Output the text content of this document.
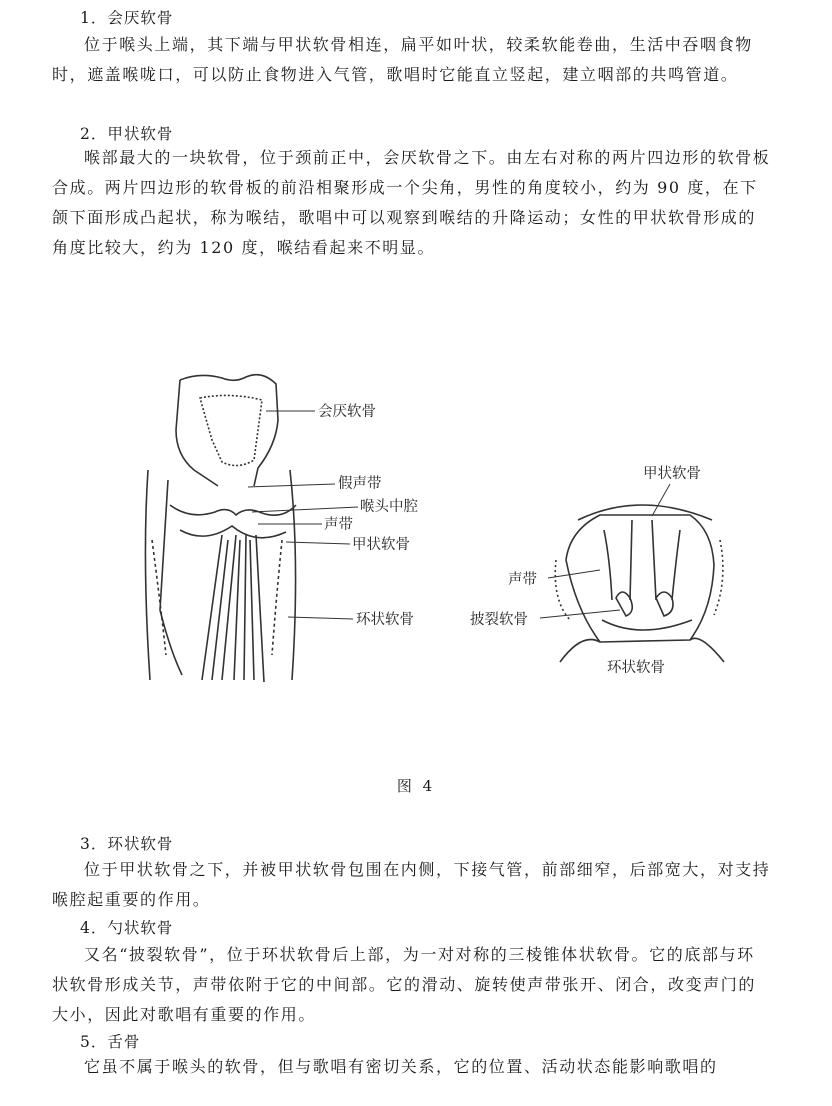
1．会厌软骨
位于喉头上端，其下端与甲状软骨相连，扁平如叶状，较柔软能卷曲，生活中吞咽食物时，遮盖喉咙口，可以防止食物进入气管，歌唱时它能直立竖起，建立咽部的共鸣管道。
2．甲状软骨
喉部最大的一块软骨，位于颈前正中，会厌软骨之下。由左右对称的两片四边形的软骨板合成。两片四边形的软骨板的前沿相聚形成一个尖角，男性的角度较小，约为 90 度，在下颌下面形成凸起状，称为喉结，歌唱中可以观察到喉结的升降运动；女性的甲状软骨形成的角度比较大，约为 120 度，喉结看起来不明显。
会厌软骨
假声带
喉头中腔
声带
甲状软骨
环状软骨
甲状软骨
声带
披裂软骨
环状软骨
图 4
3．环状软骨
位于甲状软骨之下，并被甲状软骨包围在内侧，下接气管，前部细窄，后部宽大，对支持喉腔起重要的作用。
4．勺状软骨
又名“披裂软骨”，位于环状软骨后上部，为一对对称的三棱锥体状软骨。它的底部与环状软骨形成关节，声带依附于它的中间部。它的滑动、旋转使声带张开、闭合，改变声门的大小，因此对歌唱有重要的作用。
5．舌骨
它虽不属于喉头的软骨，但与歌唱有密切关系，它的位置、活动状态能影响歌唱的
